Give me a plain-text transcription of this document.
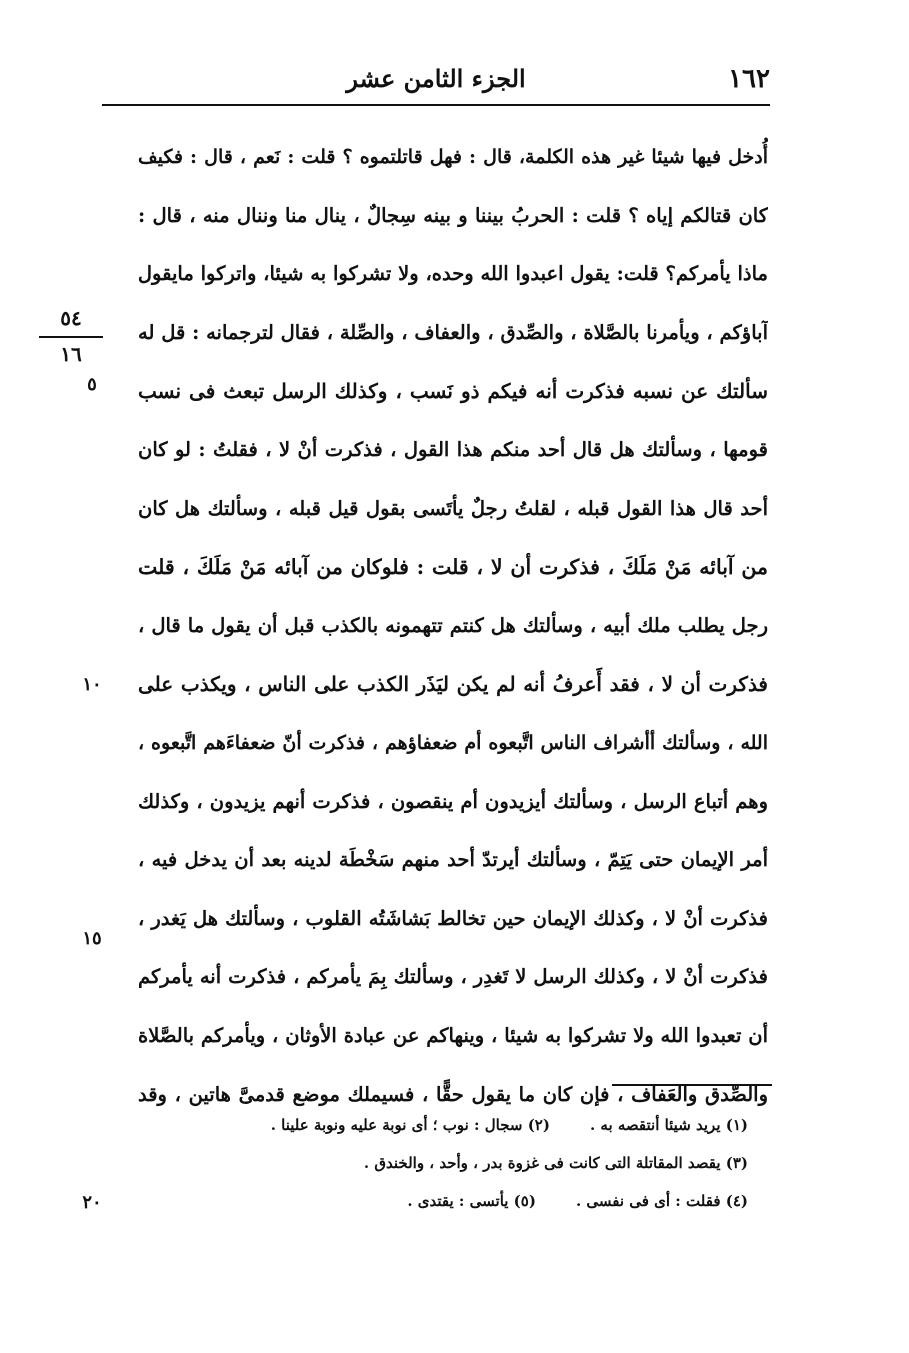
١٦٢
الجزء الثامن عشر
٥٤
١٦
٥
١٠
١٥
٢٠
أُدخل فيها شيئا غير هذه الكلمة، قال : فهل قاتلتموه ؟ قلت : نَعم ، قال : فكيف
كان قتالكم إياه ؟ قلت : الحربُ بيننا و بينه سِجالٌ ، ينال منا وننال منه ، قال :
ماذا يأمركم؟ قلت: يقول اعبدوا الله وحده، ولا تشركوا به شيئا، واتركوا مايقول
آباؤكم ، ويأمرنا بالصَّلاة ، والصِّدق ، والعفاف ، والصِّلة ، فقال لترجمانه : قل له
سألتك عن نسبه فذكرت أنه فيكم ذو نَسب ، وكذلك الرسل تبعث فى نسب
قومها ، وسألتك هل قال أحد منكم هذا القول ، فذكرت أنْ لا ، فقلتُ : لو كان
أحد قال هذا القول قبله ، لقلتُ رجلٌ يأتَسى بقول قيل قبله ، وسألتك هل كان
من آبائه مَنْ مَلَكَ ، فذكرت أن لا ، قلت : فلوكان من آبائه مَنْ مَلَكَ ، قلت
رجل يطلب ملك أبيه ، وسألتك هل كنتم تتهمونه بالكذب قبل أن يقول ما قال ،
فذكرت أن لا ، فقد أَعرفُ أنه لم يكن ليَذَر الكذب على الناس ، ويكذب على
الله ، وسألتك أأشراف الناس اتَّبعوه أم ضعفاؤهم ، فذكرت أنّ ضعفاءَهم اتَّبعوه ،
وهم أتباع الرسل ، وسألتك أيزيدون أم ينقصون ، فذكرت أنهم يزيدون ، وكذلك
أمر الإيمان حتى يَتِمّ ، وسألتك أيرتدّ أحد منهم سَخْطَة لدينه بعد أن يدخل فيه ،
فذكرت أنْ لا ، وكذلك الإيمان حين تخالط بَشاشَتُه القلوب ، وسألتك هل يَغدر ،
فذكرت أنْ لا ، وكذلك الرسل لا تَغدِر ، وسألتك بِمَ يأمركم ، فذكرت أنه يأمركم
أن تعبدوا الله ولا تشركوا به شيئا ، وينهاكم عن عبادة الأوثان ، ويأمركم بالصَّلاة
والصِّدق والعَفاف ، فإن كان ما يقول حقًّا ، فسيملك موضع قدمىَّ هاتين ، وقد
(١) يريد شيئا أنتقصه به .(٢) سجال : نوب ؛ أى نوبة عليه ونوبة علينا .
(٣) يقصد المقاتلة التى كانت فى غزوة بدر ، وأحد ، والخندق .
(٤) فقلت : أى فى نفسى .(٥) يأتسى : يقتدى .
